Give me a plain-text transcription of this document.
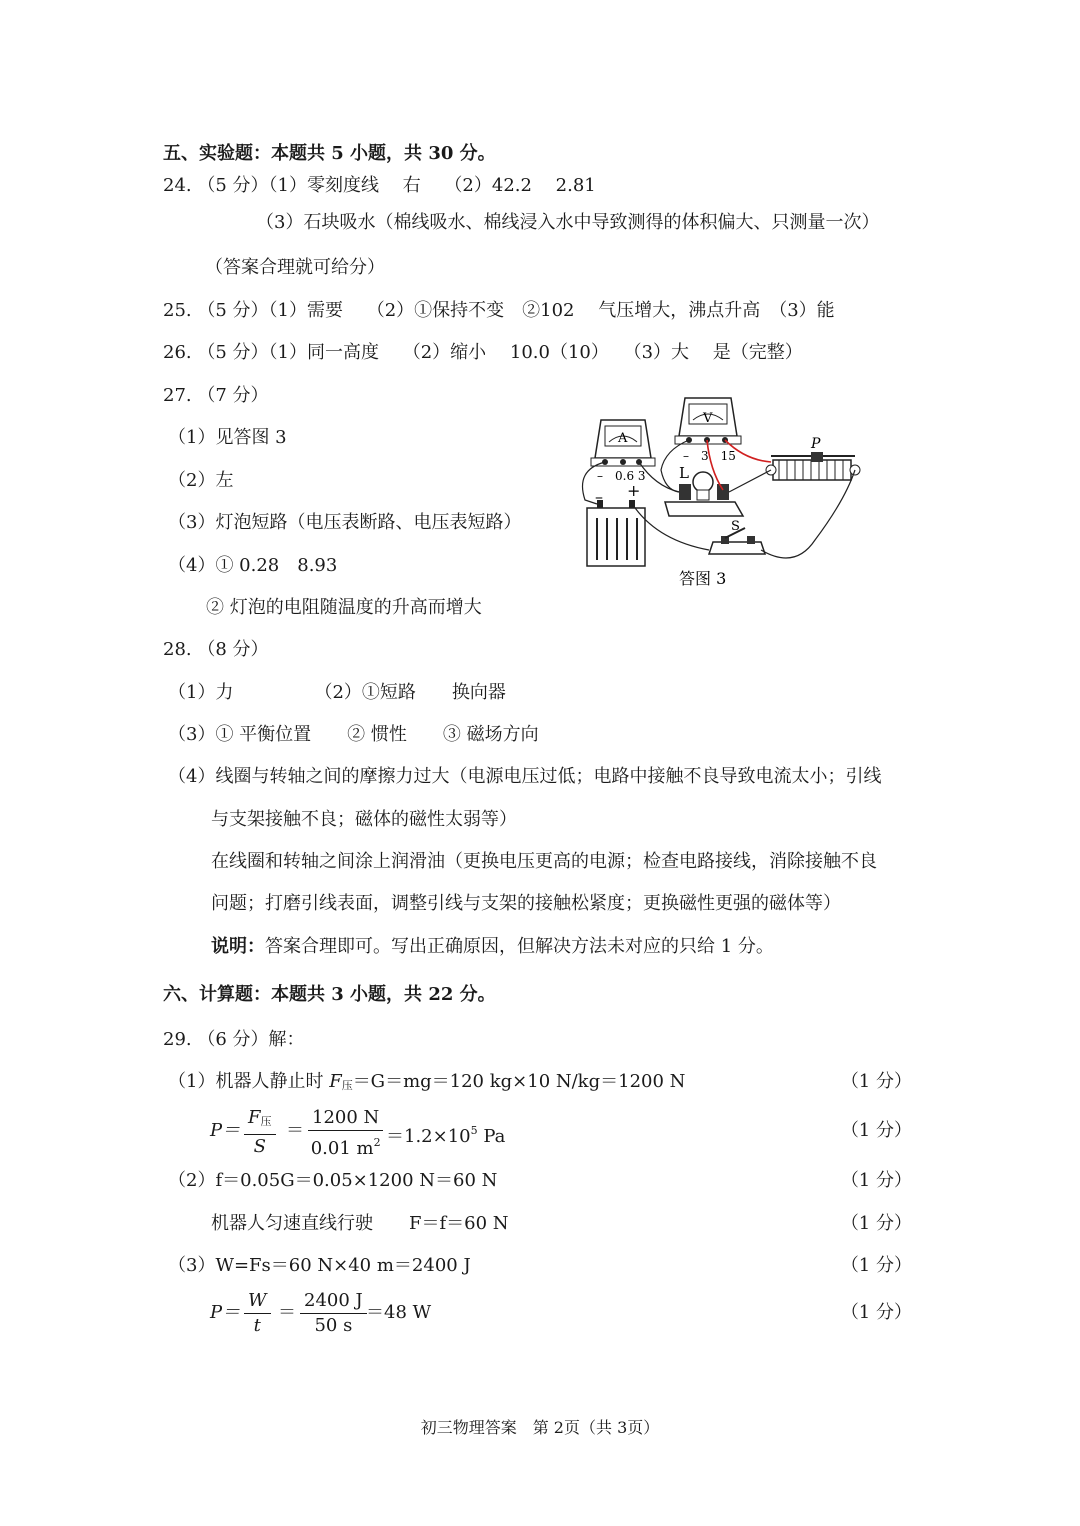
五、实验题：本题共 5 小题，共 30 分。
24. （5 分）（1）零刻度线　 右　 （2）42.2　 2.81
（3）石块吸水（棉线吸水、棉线浸入水中导致测得的体积偏大、只测量一次）
（答案合理就可给分）
25. （5 分）（1）需要　 （2）①保持不变　②102　 气压增大，沸点升高　（3）能
26. （5 分）（1）同一高度　 （2）缩小　 10.0（10）　 （3）大　 是（完整）
27. （7 分）
（1）见答图 3
（2）左
（3）灯泡短路（电压表断路、电压表短路）
（4）① 0.28　8.93
② 灯泡的电阻随温度的升高而增大
– +
A
–　0.6 3
V
–　3　15
L
P
S
答图 3
28. （8 分）
（1）力　　　　　（2）①短路　　换向器
（3）① 平衡位置　　② 惯性　　③ 磁场方向
（4）线圈与转轴之间的摩擦力过大（电源电压过低；电路中接触不良导致电流太小；引线
与支架接触不良；磁体的磁性太弱等）
在线圈和转轴之间涂上润滑油（更换电压更高的电源；检查电路接线，消除接触不良
问题；打磨引线表面，调整引线与支架的接触松紧度；更换磁性更强的磁体等）
说明：答案合理即可。写出正确原因，但解决方法未对应的只给 1 分。
六、计算题：本题共 3 小题，共 22 分。
29. （6 分）解：
（1）机器人静止时 F压＝G＝mg＝120 kg×10 N/kg＝1200 N	（1 分）
P＝
F压
S
＝ $\frac{1200 N}{0.01 m^2} =1.2\times 10^5$ Pa	（1 分）
（2）f＝0.05G＝0.05×1200 N＝60 N	（1 分）
机器人匀速直线行驶　　F＝f＝60 N	（1 分）
（3）W=Fs＝60 N×40 m＝2400 J	（1 分）
$P= \frac{W}{t} = \frac{2400 J}{50 s} =48$ W	（1 分）
初三物理答案　第 2页（共 3页）
